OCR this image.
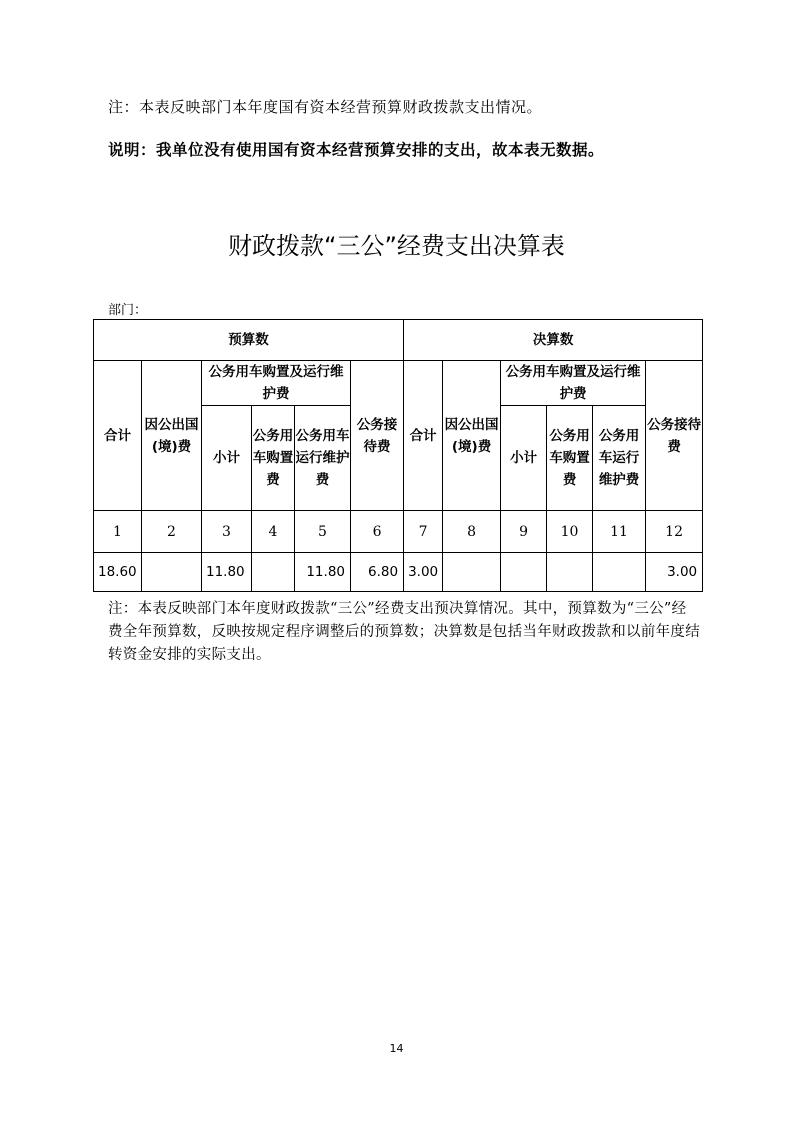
注：本表反映部门本年度国有资本经营预算财政拨款支出情况。
说明：我单位没有使用国有资本经营预算安排的支出，故本表无数据。
财政拨款“三公”经费支出决算表
部门：
预算数						决算数					
合计	因公出国(境)费	公务用车购置及运行维护费			公务接待费	合计	因公出国(境)费	公务用车购置及运行维护费			公务接待费
		小计	公务用车购置费	公务用车运行维护费				小计	公务用车购置费	公务用车运行维护费	
1	2	3	4	5	6	7	8	9	10	11	12
18.60		11.80		11.80	6.80	3.00					3.00
注：本表反映部门本年度财政拨款“三公”经费支出预决算情况。其中，预算数为“三公”经费全年预算数，反映按规定程序调整后的预算数；决算数是包括当年财政拨款和以前年度结转资金安排的实际支出。
14
